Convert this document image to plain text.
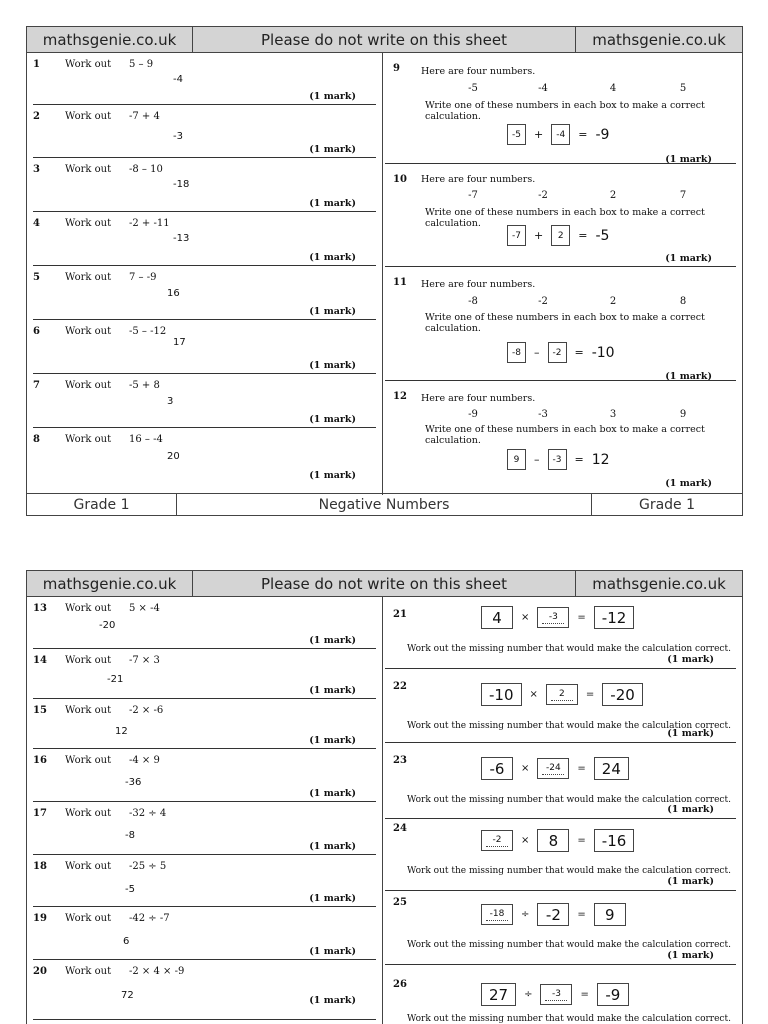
mathsgenie.co.uk	Please do not write on this sheet	mathsgenie.co.uk
1	Work out 5 – 9
-4
(1 mark)
2	Work out -7 + 4
-3
(1 mark)
3	Work out -8 – 10
-18
(1 mark)
4	Work out -2 + -11
-13
(1 mark)
5	Work out 7 – -9
16
(1 mark)
6	Work out -5 – -12
17
(1 mark)
7	Work out -5 + 8
3
(1 mark)
8	Work out 16 – -4
20
(1 mark)
9 Here are four numbers.
-5	-4	4	5
Write one of these numbers in each box to make a correct calculation.
-5	+	-4	= -9
(1 mark)
10 Here are four numbers.
-7	-2	2	7
Write one of these numbers in each box to make a correct calculation.
-7	+	2	= -5
(1 mark)
11 Here are four numbers.
-8	-2	2	8
Write one of these numbers in each box to make a correct calculation.
-8	–	-2	= -10
(1 mark)
12 Here are four numbers.
-9	-3	3	9
Write one of these numbers in each box to make a correct calculation.
9	–	-3	= 12
(1 mark)
Grade 1	Negative Numbers	Grade 1
mathsgenie.co.uk	Please do not write on this sheet	mathsgenie.co.uk
13 Work out 5 × -4
-20
(1 mark)
14 Work out -7 × 3
-21
(1 mark)
15 Work out -2 × -6
12
(1 mark)
16 Work out -4 × 9
-36
(1 mark)
17 Work out -32 ÷ 4
-8
(1 mark)
18 Work out -25 ÷ 5
-5
(1 mark)
19 Work out -42 ÷ -7
6
(1 mark)
20 Work out -2 × 4 × -9
72	(1 mark)
21	4	× -3 =	-12
Work out the missing number that would make the calculation correct.
(1 mark)
22	-10	× 2 =	-20
Work out the missing number that would make the calculation correct.
(1 mark)
23	-6	× -24 =	24
Work out the missing number that would make the calculation correct.
(1 mark)
24
-2 ×	8	=	-16
Work out the missing number that would make the calculation correct.
(1 mark)
25
-18 ÷	-2	=	9
Work out the missing number that would make the calculation correct.
(1 mark)
26
27	÷ -3 =	-9
Work out the missing number that would make the calculation correct.
